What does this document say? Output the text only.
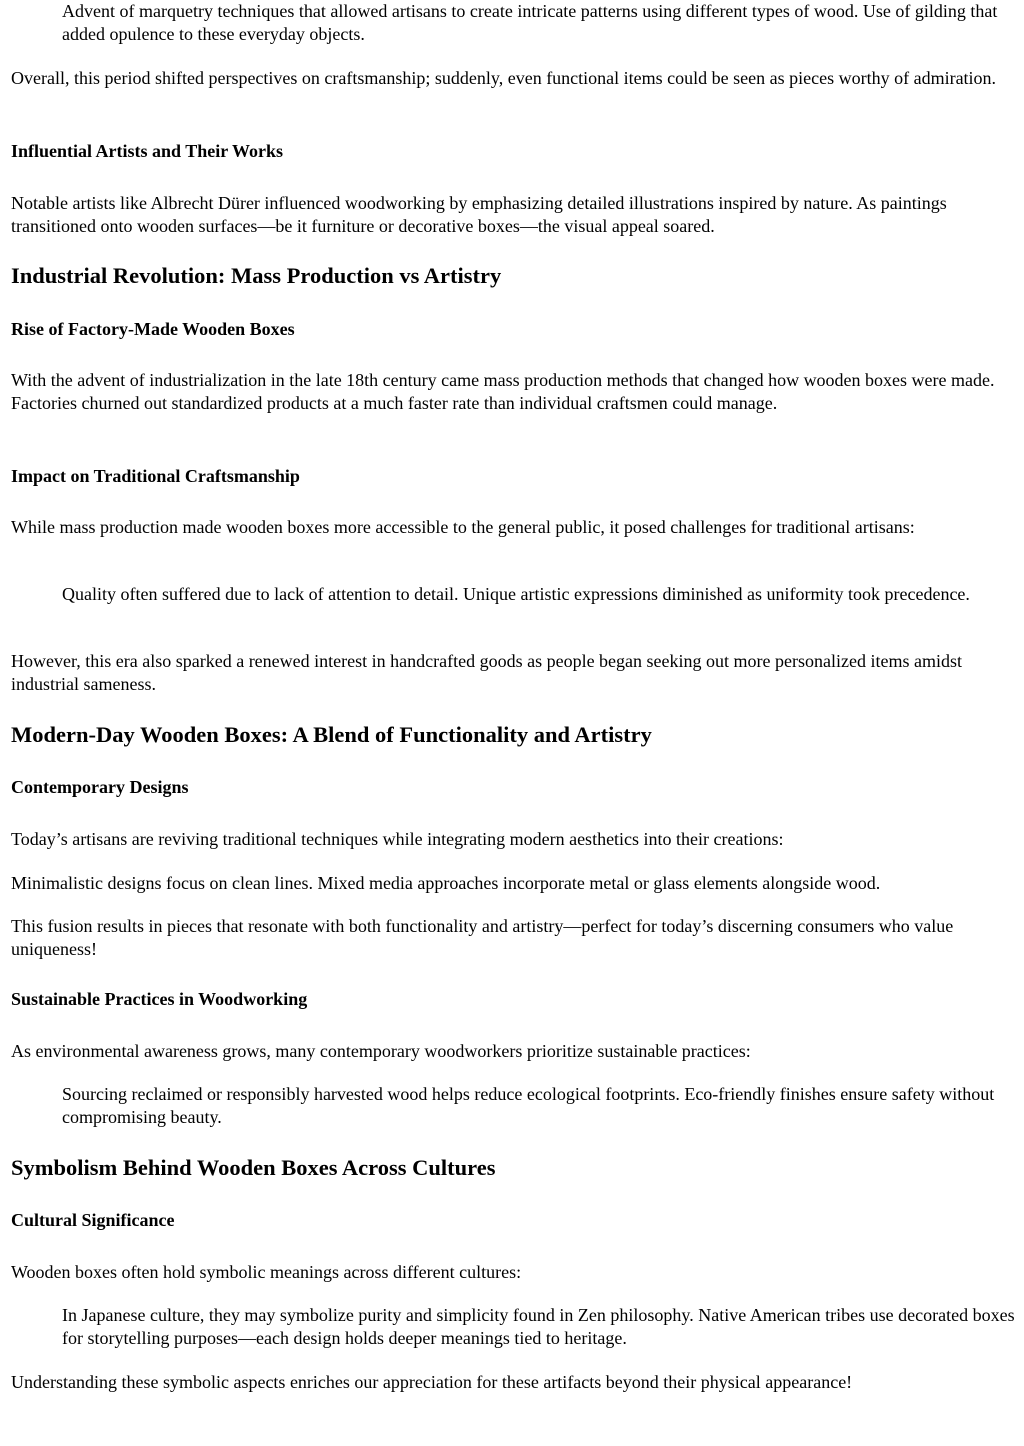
Advent of marquetry techniques that allowed artisans to create intricate patterns using different types of wood. Use of gilding that added opulence to these everyday objects.

Overall, this period shifted perspectives on craftsmanship; suddenly, even functional items could be seen as pieces worthy of admiration.

Influential Artists and Their Works

Notable artists like Albrecht Dürer influenced woodworking by emphasizing detailed illustrations inspired by nature. As paintings transitioned onto wooden surfaces—be it furniture or decorative boxes—the visual appeal soared.

Industrial Revolution: Mass Production vs Artistry
Rise of Factory-Made Wooden Boxes

With the advent of industrialization in the late 18th century came mass production methods that changed how wooden boxes were made. Factories churned out standardized products at a much faster rate than individual craftsmen could manage.

Impact on Traditional Craftsmanship

While mass production made wooden boxes more accessible to the general public, it posed challenges for traditional artisans:

Quality often suffered due to lack of attention to detail. Unique artistic expressions diminished as uniformity took precedence.

However, this era also sparked a renewed interest in handcrafted goods as people began seeking out more personalized items amidst industrial sameness.

Modern-Day Wooden Boxes: A Blend of Functionality and Artistry
Contemporary Designs

Today’s artisans are reviving traditional techniques while integrating modern aesthetics into their creations:

Minimalistic designs focus on clean lines. Mixed media approaches incorporate metal or glass elements alongside wood.

This fusion results in pieces that resonate with both functionality and artistry—perfect for today’s discerning consumers who value uniqueness!

Sustainable Practices in Woodworking

As environmental awareness grows, many contemporary woodworkers prioritize sustainable practices:

Sourcing reclaimed or responsibly harvested wood helps reduce ecological footprints. Eco-friendly finishes ensure safety without compromising beauty.
Symbolism Behind Wooden Boxes Across Cultures
Cultural Significance

Wooden boxes often hold symbolic meanings across different cultures:

In Japanese culture, they may symbolize purity and simplicity found in Zen philosophy. Native American tribes use decorated boxes for storytelling purposes—each design holds deeper meanings tied to heritage.

Understanding these symbolic aspects enriches our appreciation for these artifacts beyond their physical appearance!
